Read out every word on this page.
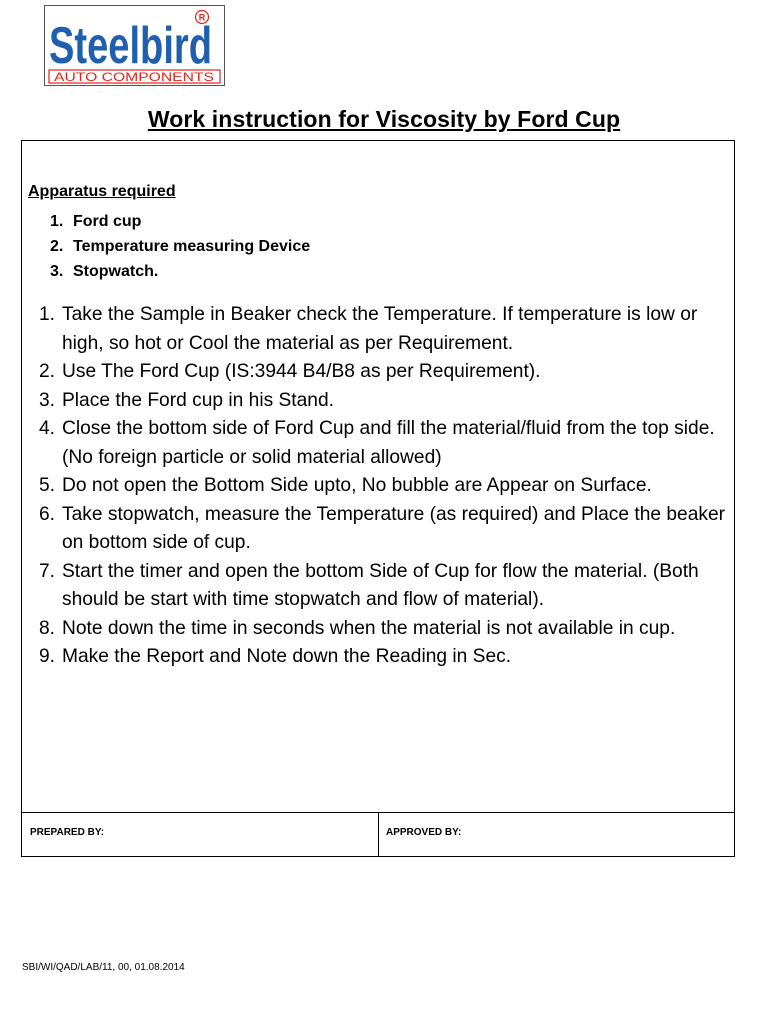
Steelbird
R
AUTO COMPONENTS
Work instruction for Viscosity by Ford Cup
PREPARED BY:	APPROVED BY:
Apparatus required
1. Ford cup
2. Temperature measuring Device
3. Stopwatch.
1. Take the Sample in Beaker check the Temperature. If temperature is low or high, so hot or Cool the material as per Requirement.
2. Use The Ford Cup (IS:3944 B4/B8 as per Requirement).
3. Place the Ford cup in his Stand.
4. Close the bottom side of Ford Cup and fill the material/fluid from the top side. (No foreign particle or solid material allowed)
5. Do not open the Bottom Side upto, No bubble are Appear on Surface.
6. Take stopwatch, measure the Temperature (as required) and Place the beaker on bottom side of cup.
7. Start the timer and open the bottom Side of Cup for flow the material. (Both should be start with time stopwatch and flow of material).
8. Note down the time in seconds when the material is not available in cup.
9. Make the Report and Note down the Reading in Sec.
SBI/WI/QAD/LAB/11, 00, 01.08.2014
